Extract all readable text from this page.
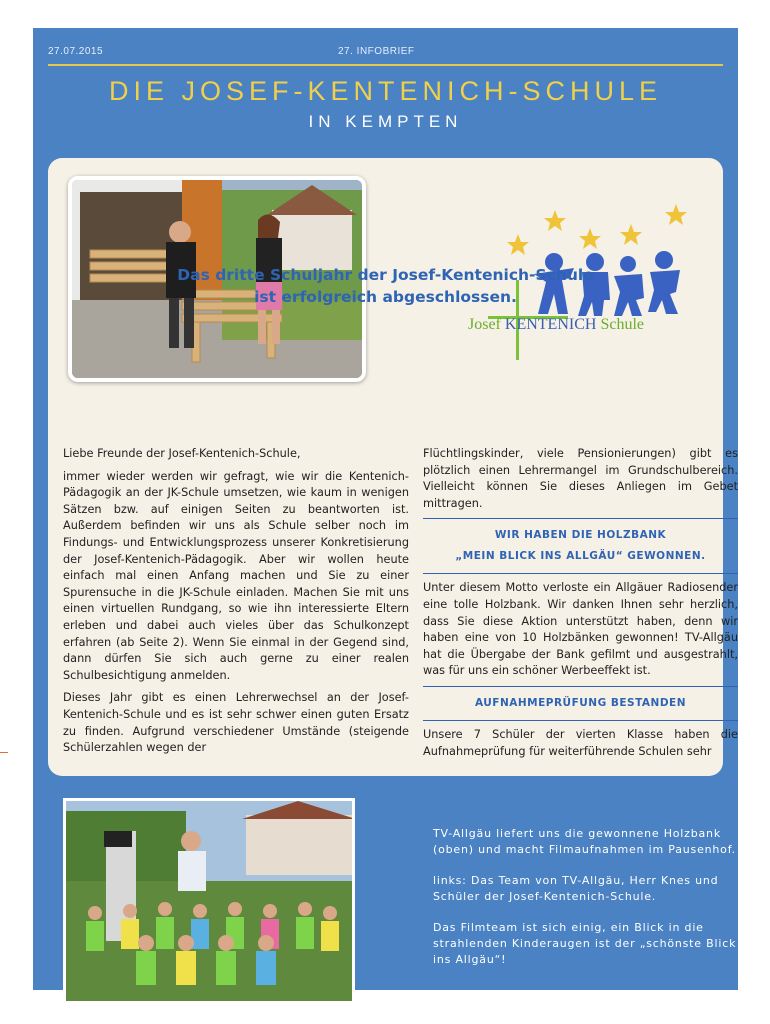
27.07.2015	27. INFOBRIEF
DIE JOSEF-KENTENICH-SCHULE
IN KEMPTEN
Josef KENTENICH Schule
Das dritte Schuljahr der Josef-Kentenich-Schule
ist erfolgreich abgeschlossen.

Liebe Freunde der Josef-Kentenich-Schule,

immer wieder werden wir gefragt, wie wir die Kentenich-Pädagogik an der JK-Schule umsetzen, wie kaum in wenigen Sätzen bzw. auf einigen Seiten zu beantworten ist. Außerdem befinden wir uns als Schule selber noch im Findungs- und Entwicklungsprozess unserer Konkretisierung der Josef-Kentenich-Pädagogik. Aber wir wollen heute einfach mal einen Anfang machen und Sie zu einer Spurensuche in die JK-Schule einladen. Machen Sie mit uns einen virtuellen Rundgang, so wie ihn interessierte Eltern erleben und dabei auch vieles über das Schulkonzept erfahren (ab Seite 2). Wenn Sie einmal in der Gegend sind, dann dürfen Sie sich auch gerne zu einer realen Schulbesichtigung anmelden.

Dieses Jahr gibt es einen Lehrerwechsel an der Josef-Kentenich-Schule und es ist sehr schwer einen guten Ersatz zu finden. Aufgrund verschiedener Umstände (steigende Schülerzahlen wegen der

Flüchtlingskinder, viele Pensionierungen) gibt es plötzlich einen Lehrermangel im Grundschulbereich. Vielleicht können Sie dieses Anliegen im Gebet mittragen.

WIR HABEN DIE HOLZBANK
„MEIN BLICK INS ALLGÄU“ GEWONNEN.

Unter diesem Motto verloste ein Allgäuer Radiosender eine tolle Holzbank. Wir danken Ihnen sehr herzlich, dass Sie diese Aktion unterstützt haben, denn wir haben eine von 10 Holzbänken gewonnen! TV-Allgäu hat die Übergabe der Bank gefilmt und ausgestrahlt, was für uns ein schöner Werbeeffekt ist.

AUFNAHMEPRÜFUNG BESTANDEN

Unsere 7 Schüler der vierten Klasse haben die Aufnahmeprüfung für weiterführende Schulen sehr

TV-Allgäu liefert uns die gewonnene Holzbank (oben) und macht Filmaufnahmen im Pausenhof.

links: Das Team von TV-Allgäu, Herr Knes und Schüler der Josef-Kentenich-Schule.

Das Filmteam ist sich einig, ein Blick in die strahlenden Kinderaugen ist der „schönste Blick ins Allgäu“!
